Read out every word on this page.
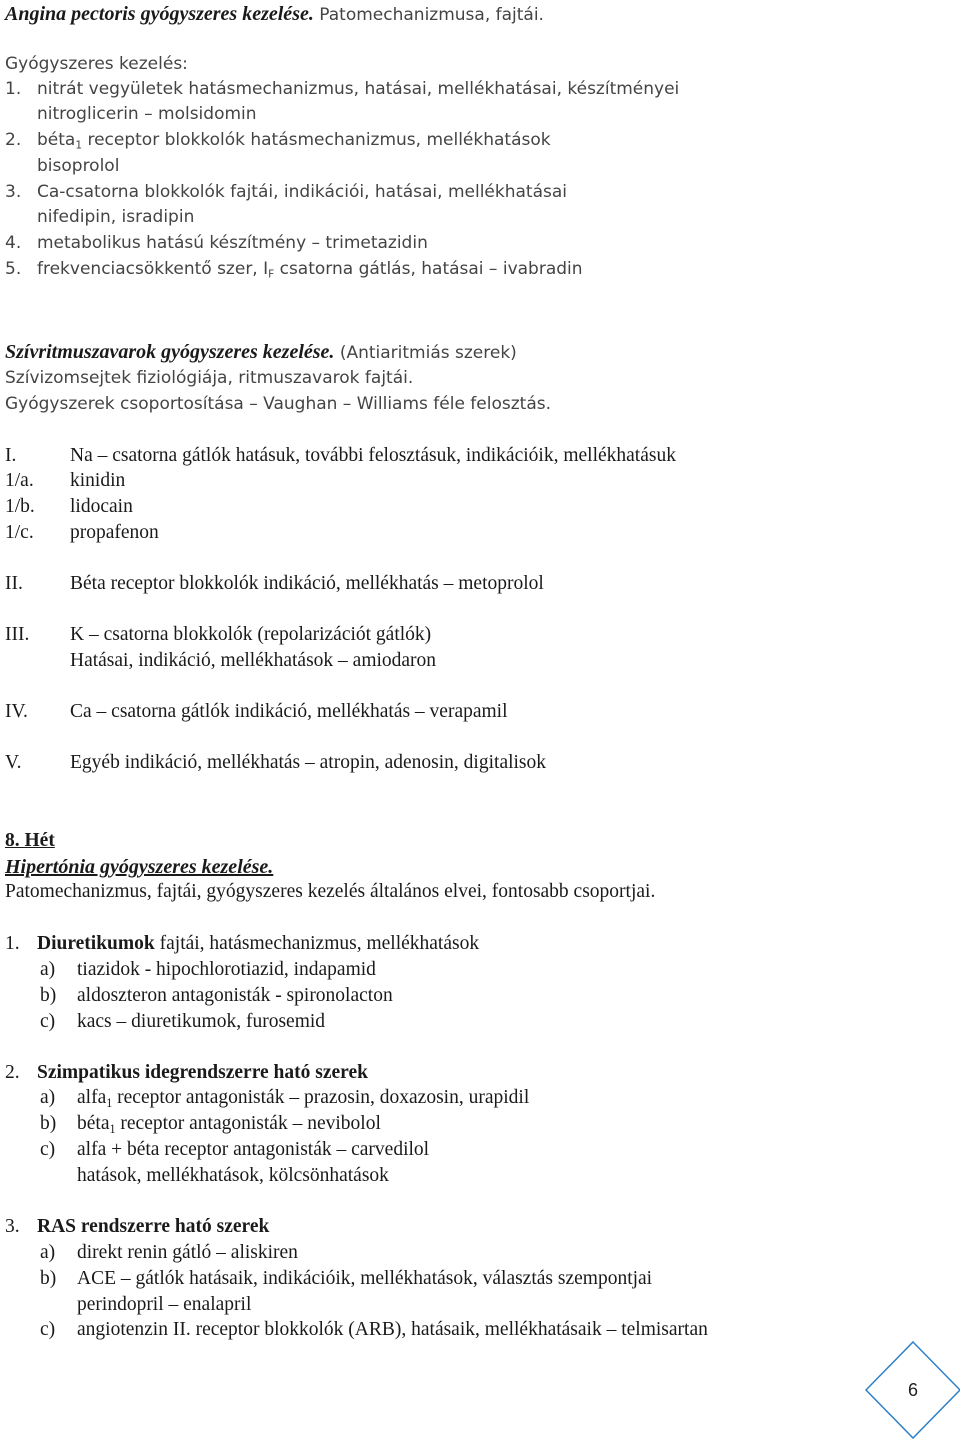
Angina pectoris gyógyszeres kezelése. Patomechanizmusa, fajtái.
Gyógyszeres kezelés:
1. nitrát vegyületek hatásmechanizmus, hatásai, mellékhatásai, készítményei
nitroglicerin – molsidomin
2. béta$_1$ receptor blokkolók hatásmechanizmus, mellékhatások
bisoprolol
3. Ca-csatorna blokkolók fajtái, indikációi, hatásai, mellékhatásai
nifedipin, isradipin
4. metabolikus hatású készítmény – trimetazidin
5. frekvenciacsökkentő szer, $I_F$ csatorna gátlás, hatásai – ivabradin
Szívritmuszavarok gyógyszeres kezelése. (Antiaritmiás szerek)
Szívizomsejtek fiziológiája, ritmuszavarok fajtái.
Gyógyszerek csoportosítása – Vaughan – Williams féle felosztás.
I.	Na – csatorna gátlók hatásuk, további felosztásuk, indikációik, mellékhatásuk
1/a. kinidin
1/b. lidocain
1/c. propafenon
II. Béta receptor blokkolók indikáció, mellékhatás – metoprolol
III. K – csatorna blokkolók (repolarizációt gátlók)
Hatásai, indikáció, mellékhatások – amiodaron
IV. Ca – csatorna gátlók indikáció, mellékhatás – verapamil
V. Egyéb indikáció, mellékhatás – atropin, adenosin, digitalisok
8. Hét
Hipertónia gyógyszeres kezelése.
Patomechanizmus, fajtái, gyógyszeres kezelés általános elvei, fontosabb csoportjai.
1. Diuretikumok fajtái, hatásmechanizmus, mellékhatások
a) tiazidok - hipochlorotiazid, indapamid
b) aldoszteron antagonisták - spironolacton
c) kacs – diuretikumok, furosemid
2. Szimpatikus idegrendszerre ható szerek
a) alfa$_1$ receptor antagonisták – prazosin, doxazosin, urapidil
b) béta$_1$ receptor antagonisták – nevibolol
c) alfa + béta receptor antagonisták – carvedilol
hatások, mellékhatások, kölcsönhatások
3. RAS rendszerre ható szerek
a) direkt renin gátló – aliskiren
b) ACE – gátlók hatásaik, indikációik, mellékhatások, választás szempontjai
perindopril – enalapril
c) angiotenzin II. receptor blokkolók (ARB), hatásaik, mellékhatásaik – telmisartan
6
